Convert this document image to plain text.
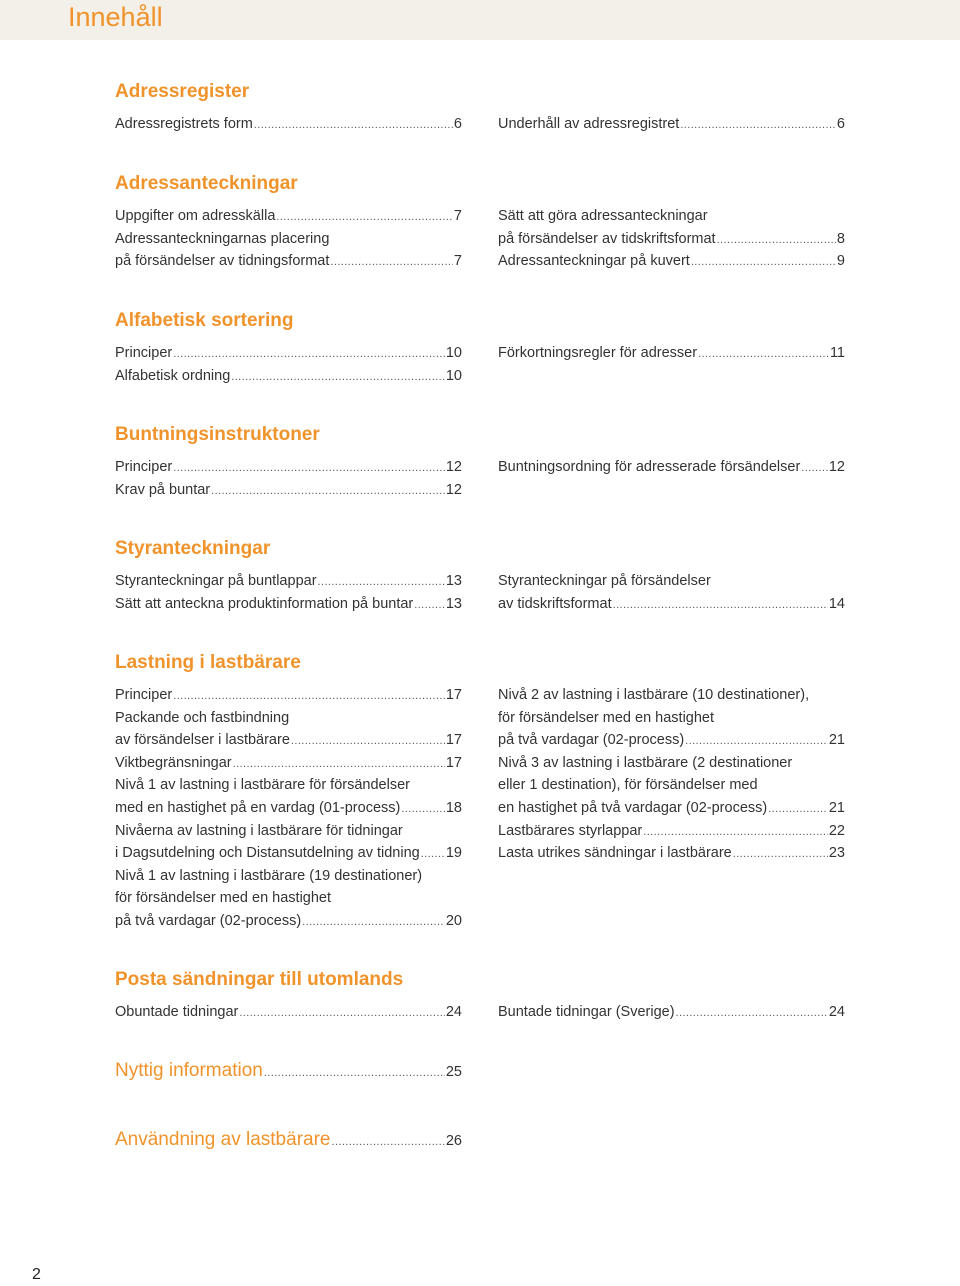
Innehåll
Adressregister
Adressregistrets form .....	6 Underhåll av adressregistret .....	6
Adressanteckningar
Uppgifter om adresskälla .....	7
Adressanteckningarnas placering
på försändelser av tidningsformat .....	7
Sätt att göra adressanteckningar
på försändelser av tidskriftsformat .....	8
Adressanteckningar på kuvert .....	9
Alfabetisk sortering
Principer .....	10
Alfabetisk ordning .....	10
Förkortningsregler för adresser .....	11
Buntningsinstruktoner
Principer .....	12
Krav på buntar .....	12
Buntningsordning för adresserade försändelser ..... 12
Styranteckningar
Styranteckningar på buntlappar .....	13
Sätt att anteckna produktinformation på buntar ..... 13
Styranteckningar på försändelser
av tidskriftsformat .....	14
Lastning i lastbärare
Principer .....	17
Packande och fastbindning
av försändelser i lastbärare .....	17
Viktbegränsningar .....	17
Nivå 1 av lastning i lastbärare för försändelser
med en hastighet på en vardag (01-process) .....	18
Nivåerna av lastning i lastbärare för tidningar
i Dagsutdelning och Distansutdelning av tidning ..... 19
Nivå 1 av lastning i lastbärare (19 destinationer)
för försändelser med en hastighet
på två vardagar (02-process) .....	20
Nivå 2 av lastning i lastbärare (10 destinationer),
för försändelser med en hastighet
på två vardagar (02-process) .....	21
Nivå 3 av lastning i lastbärare (2 destinationer
eller 1 destination), för försändelser med
en hastighet på två vardagar (02-process) .....	21
Lastbärares styrlappar .....	22
Lasta utrikes sändningar i lastbärare .....	23
Posta sändningar till utomlands
Obuntade tidningar .....	24 Buntade tidningar (Sverige) .....	24
Nyttig information .....	25
Användning av lastbärare .....	26
2
